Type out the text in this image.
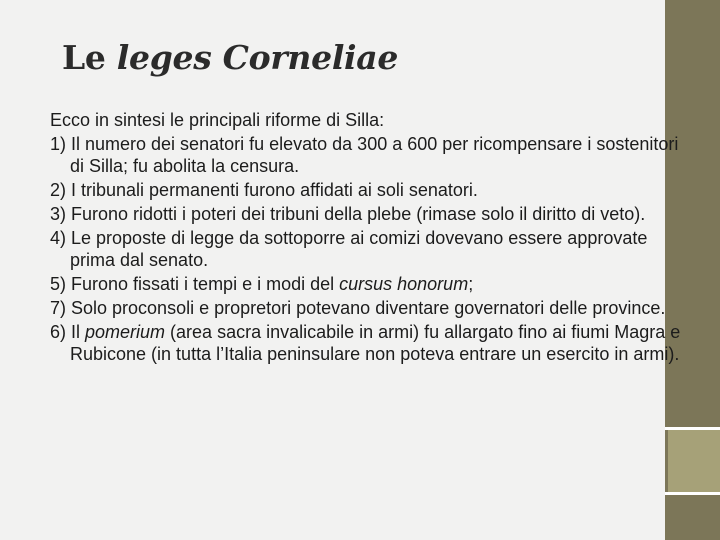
Le leges Corneliae

Ecco in sintesi le principali riforme di Silla:

1) Il numero dei senatori fu elevato da 300 a 600 per ricompensare i sostenitori di Silla; fu abolita la censura.

2) I tribunali permanenti furono affidati ai soli senatori.

3) Furono ridotti i poteri dei tribuni della plebe (rimase solo il diritto di veto).

4) Le proposte di legge da sottoporre ai comizi dovevano essere approvate prima dal senato.

5) Furono fissati i tempi e i modi del cursus honorum;

7) Solo proconsoli e propretori potevano diventare governatori delle province.

6) Il pomerium (area sacra invalicabile in armi) fu allargato fino ai fiumi Magra e Rubicone (in tutta l’Italia peninsulare non poteva entrare un esercito in armi).
